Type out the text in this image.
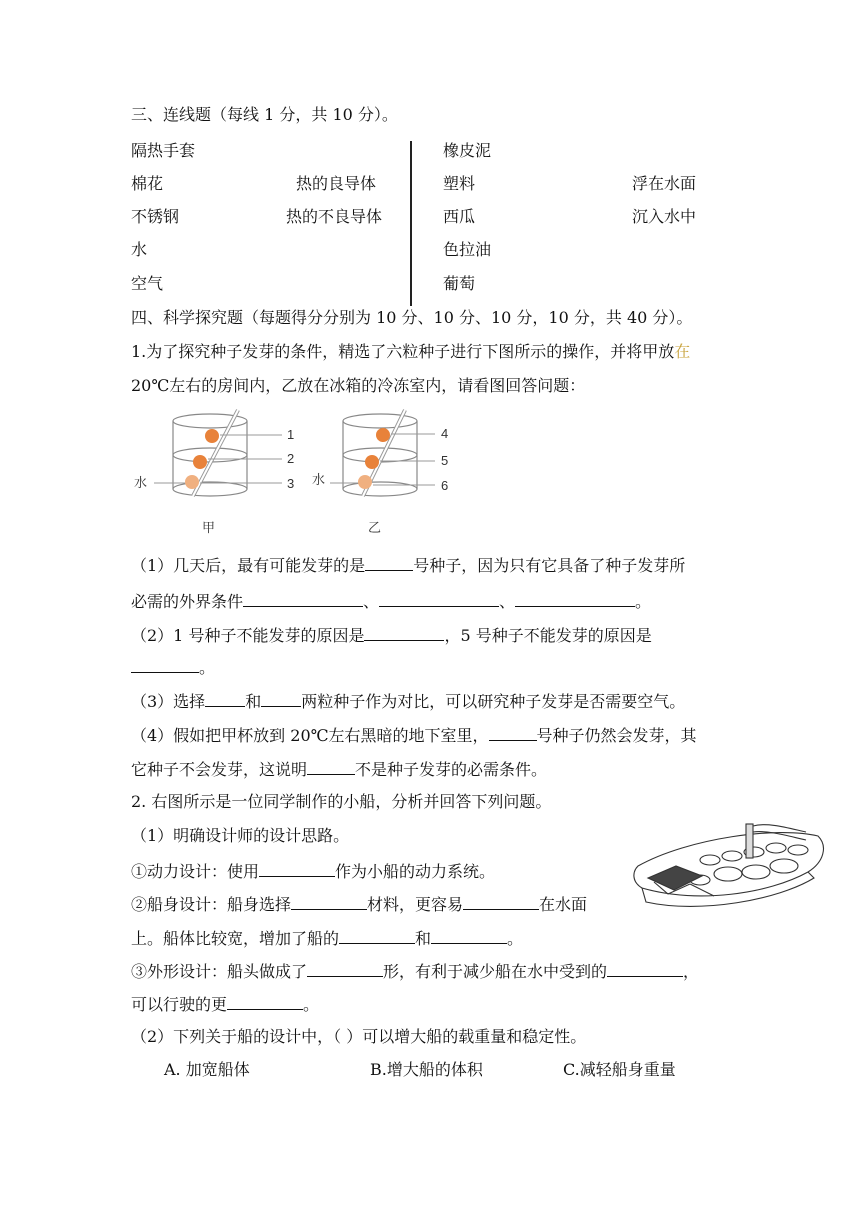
三、连线题（每线 1 分，共 10 分）。
隔热手套
棉花
不锈钢
水
空气
热的良导体
热的不良导体
橡皮泥
塑料
西瓜
色拉油
葡萄
浮在水面
沉入水中
四、科学探究题（每题得分分别为 10 分、10 分、10 分，10 分，共 40 分）。
1.为了探究种子发芽的条件，精选了六粒种子进行下图所示的操作，并将甲放在
20℃左右的房间内，乙放在冰箱的冷冻室内，请看图回答问题：
1
2
3
4
5
6
水	水
甲	乙
（1）几天后，最有可能发芽的是	号种子，因为只有它具备了种子发芽所
必需的外界条件	、	、	。
（2）1 号种子不能发芽的原因是	，5 号种子不能发芽的原因是
。
（3）选择	和	两粒种子作为对比，可以研究种子发芽是否需要空气。
（4）假如把甲杯放到 20℃左右黑暗的地下室里，	号种子仍然会发芽，其
它种子不会发芽，这说明	不是种子发芽的必需条件。
2. 右图所示是一位同学制作的小船，分析并回答下列问题。
（1）明确设计师的设计思路。
①动力设计：使用	作为小船的动力系统。
②船身设计：船身选择	材料，更容易	在水面
上。船体比较宽，增加了船的	和	。
③外形设计：船头做成了	形，有利于减少船在水中受到的	，
可以行驶的更	。
（2）下列关于船的设计中，（ ）可以增大船的载重量和稳定性。
A. 加宽船体	B.增大船的体积	C.减轻船身重量
